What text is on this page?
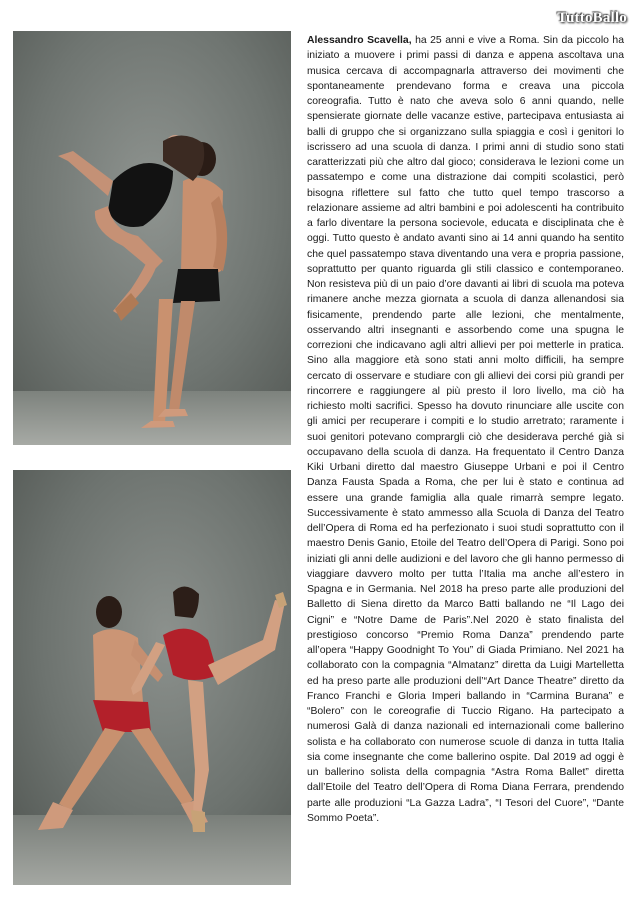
TuttoBallo
Alessandro Scavella, ha 25 anni e vive a Roma. Sin da piccolo ha iniziato a muovere i primi passi di danza e appena ascoltava una musica cercava di accompagnarla attraverso dei movimenti che spontaneamente prendevano forma e creava una piccola coreografia. Tutto è nato che aveva solo 6 anni quando, nelle spensierate giornate delle vacanze estive, partecipava entusiasta ai balli di gruppo che si organizzano sulla spiaggia e così i genitori lo iscrissero ad una scuola di danza. I primi anni di studio sono stati caratterizzati più che altro dal gioco; considerava le lezioni come un passatempo e come una distrazione dai compiti scolastici, però bisogna riflettere sul fatto che tutto quel tempo trascorso a relazionare assieme ad altri bambini e poi adolescenti ha contribuito a farlo diventare la persona socievole, educata e disciplinata che è oggi. Tutto questo è andato avanti sino ai 14 anni quando ha sentito che quel passatempo stava diventando una vera e propria passione, soprattutto per quanto riguarda gli stili classico e contemporaneo. Non resisteva più di un paio d’ore davanti ai libri di scuola ma poteva rimanere anche mezza giornata a scuola di danza allenandosi sia fisicamente, prendendo parte alle lezioni, che mentalmente, osservando altri insegnanti e assorbendo come una spugna le correzioni che indicavano agli altri allievi per poi metterle in pratica. Sino alla maggiore età sono stati anni molto difficili, ha sempre cercato di osservare e studiare con gli allievi dei corsi più grandi per rincorrere e raggiungere al più presto il loro livello, ma ciò ha richiesto molti sacrifici. Spesso ha dovuto rinunciare alle uscite con gli amici per recuperare i compiti e lo studio arretrato; raramente i suoi genitori potevano comprargli ciò che desiderava perché già si occupavano della scuola di danza. Ha frequentato il Centro Danza Kiki Urbani diretto dal maestro Giuseppe Urbani e poi il Centro Danza Fausta Spada a Roma, che per lui è stato e continua ad essere una grande famiglia alla quale rimarrà sempre legato. Successivamente è stato ammesso alla Scuola di Danza del Teatro dell’Opera di Roma ed ha perfezionato i suoi studi soprattutto con il maestro Denis Ganio, Etoile del Teatro dell’Opera di Parigi. Sono poi iniziati gli anni delle audizioni e del lavoro che gli hanno permesso di viaggiare davvero molto per tutta l’Italia ma anche all’estero in Spagna e in Germania. Nel 2018 ha preso parte alle produzioni del Balletto di Siena diretto da Marco Batti ballando ne “Il Lago dei Cigni” e “Notre Dame de Paris”.Nel 2020 è stato finalista del prestigioso concorso “Premio Roma Danza” prendendo parte all’opera “Happy Goodnight To You” di Giada Primiano. Nel 2021 ha collaborato con la compagnia “Almatanz” diretta da Luigi Martelletta ed ha preso parte alle produzioni dell’“Art Dance Theatre” diretto da Franco Franchi e Gloria Imperi ballando in “Carmina Burana” e “Bolero” con le coreografie di Tuccio Rigano. Ha partecipato a numerosi Galà di danza nazionali ed internazionali come ballerino solista e ha collaborato con numerose scuole di danza in tutta Italia sia come insegnante che come ballerino ospite. Dal 2019 ad oggi è un ballerino solista della compagnia “Astra Roma Ballet” diretta dall’Etoile del Teatro dell’Opera di Roma Diana Ferrara, prendendo parte alle produzioni “La Gazza Ladra”, “I Tesori del Cuore”, “Dante Sommo Poeta”.
